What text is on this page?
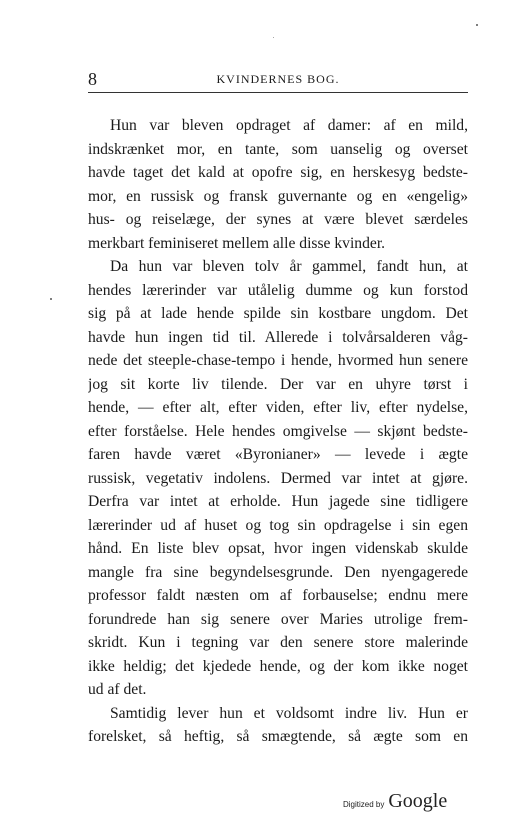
8	KVINDERNES BOG.
Hun var bleven opdraget af damer: af en mild,
indskrænket mor, en tante, som uanselig og overset
havde taget det kald at opofre sig, en herskesyg bedste-
mor, en russisk og fransk guvernante og en «engelig»
hus- og reiselæge, der synes at være blevet særdeles
merkbart feminiseret mellem alle disse kvinder.
Da hun var bleven tolv år gammel, fandt hun, at
hendes lærerinder var utålelig dumme og kun forstod
sig på at lade hende spilde sin kostbare ungdom. Det
havde hun ingen tid til. Allerede i tolvårsalderen våg-
nede det steeple-chase-tempo i hende, hvormed hun senere
jog sit korte liv tilende. Der var en uhyre tørst i
hende, — efter alt, efter viden, efter liv, efter nydelse,
efter forståelse. Hele hendes omgivelse — skjønt bedste-
faren havde været «Byronianer» — levede i ægte
russisk, vegetativ indolens. Dermed var intet at gjøre.
Derfra var intet at erholde. Hun jagede sine tidligere
lærerinder ud af huset og tog sin opdragelse i sin egen
hånd. En liste blev opsat, hvor ingen videnskab skulde
mangle fra sine begyndelsesgrunde. Den nyengagerede
professor faldt næsten om af forbauselse; endnu mere
forundrede han sig senere over Maries utrolige frem-
skridt. Kun i tegning var den senere store malerinde
ikke heldig; det kjedede hende, og der kom ikke noget
ud af det.
Samtidig lever hun et voldsomt indre liv. Hun er
forelsket, så heftig, så smægtende, så ægte som en
Digitized by Google
